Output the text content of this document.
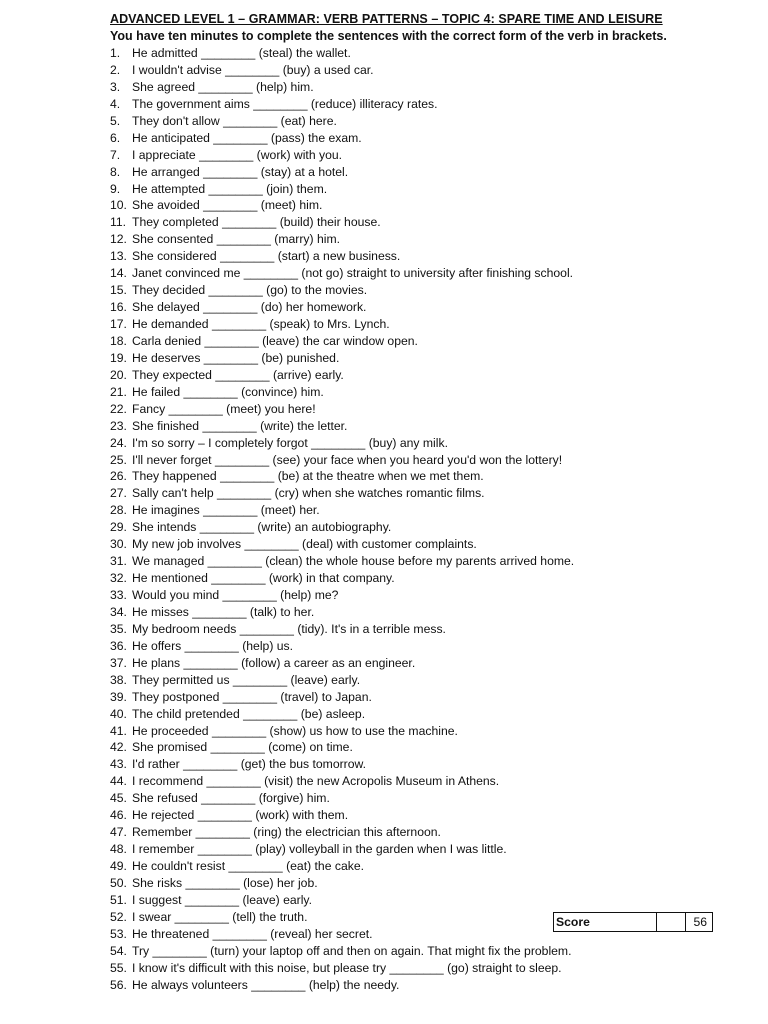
ADVANCED LEVEL 1 – GRAMMAR: VERB PATTERNS – TOPIC 4: SPARE TIME AND LEISURE
You have ten minutes to complete the sentences with the correct form of the verb in brackets.
1. He admitted ________ (steal) the wallet.
2. I wouldn't advise ________ (buy) a used car.
3. She agreed ________ (help) him.
4. The government aims ________ (reduce) illiteracy rates.
5. They don't allow ________ (eat) here.
6. He anticipated ________ (pass) the exam.
7. I appreciate ________ (work) with you.
8. He arranged ________ (stay) at a hotel.
9. He attempted ________ (join) them.
10. She avoided ________ (meet) him.
11. They completed ________ (build) their house.
12. She consented ________ (marry) him.
13. She considered ________ (start) a new business.
14. Janet convinced me ________ (not go) straight to university after finishing school.
15. They decided ________ (go) to the movies.
16. She delayed ________ (do) her homework.
17. He demanded ________ (speak) to Mrs. Lynch.
18. Carla denied ________ (leave) the car window open.
19. He deserves ________ (be) punished.
20. They expected ________ (arrive) early.
21. He failed ________ (convince) him.
22. Fancy ________ (meet) you here!
23. She finished ________ (write) the letter.
24. I'm so sorry – I completely forgot ________ (buy) any milk.
25. I'll never forget ________ (see) your face when you heard you'd won the lottery!
26. They happened ________ (be) at the theatre when we met them.
27. Sally can't help ________ (cry) when she watches romantic films.
28. He imagines ________ (meet) her.
29. She intends ________ (write) an autobiography.
30. My new job involves ________ (deal) with customer complaints.
31. We managed ________ (clean) the whole house before my parents arrived home.
32. He mentioned ________ (work) in that company.
33. Would you mind ________ (help) me?
34. He misses ________ (talk) to her.
35. My bedroom needs ________ (tidy). It's in a terrible mess.
36. He offers ________ (help) us.
37. He plans ________ (follow) a career as an engineer.
38. They permitted us ________ (leave) early.
39. They postponed ________ (travel) to Japan.
40. The child pretended ________ (be) asleep.
41. He proceeded ________ (show) us how to use the machine.
42. She promised ________ (come) on time.
43. I'd rather ________ (get) the bus tomorrow.
44. I recommend ________ (visit) the new Acropolis Museum in Athens.
45. She refused ________ (forgive) him.
46. He rejected ________ (work) with them.
47. Remember ________ (ring) the electrician this afternoon.
48. I remember ________ (play) volleyball in the garden when I was little.
49. He couldn't resist ________ (eat) the cake.
50. She risks ________ (lose) her job.
51. I suggest ________ (leave) early.
52. I swear ________ (tell) the truth.
53. He threatened ________ (reveal) her secret.
54. Try ________ (turn) your laptop off and then on again. That might fix the problem.
55. I know it's difficult with this noise, but please try ________ (go) straight to sleep.
56. He always volunteers ________ (help) the needy.
Score	56
